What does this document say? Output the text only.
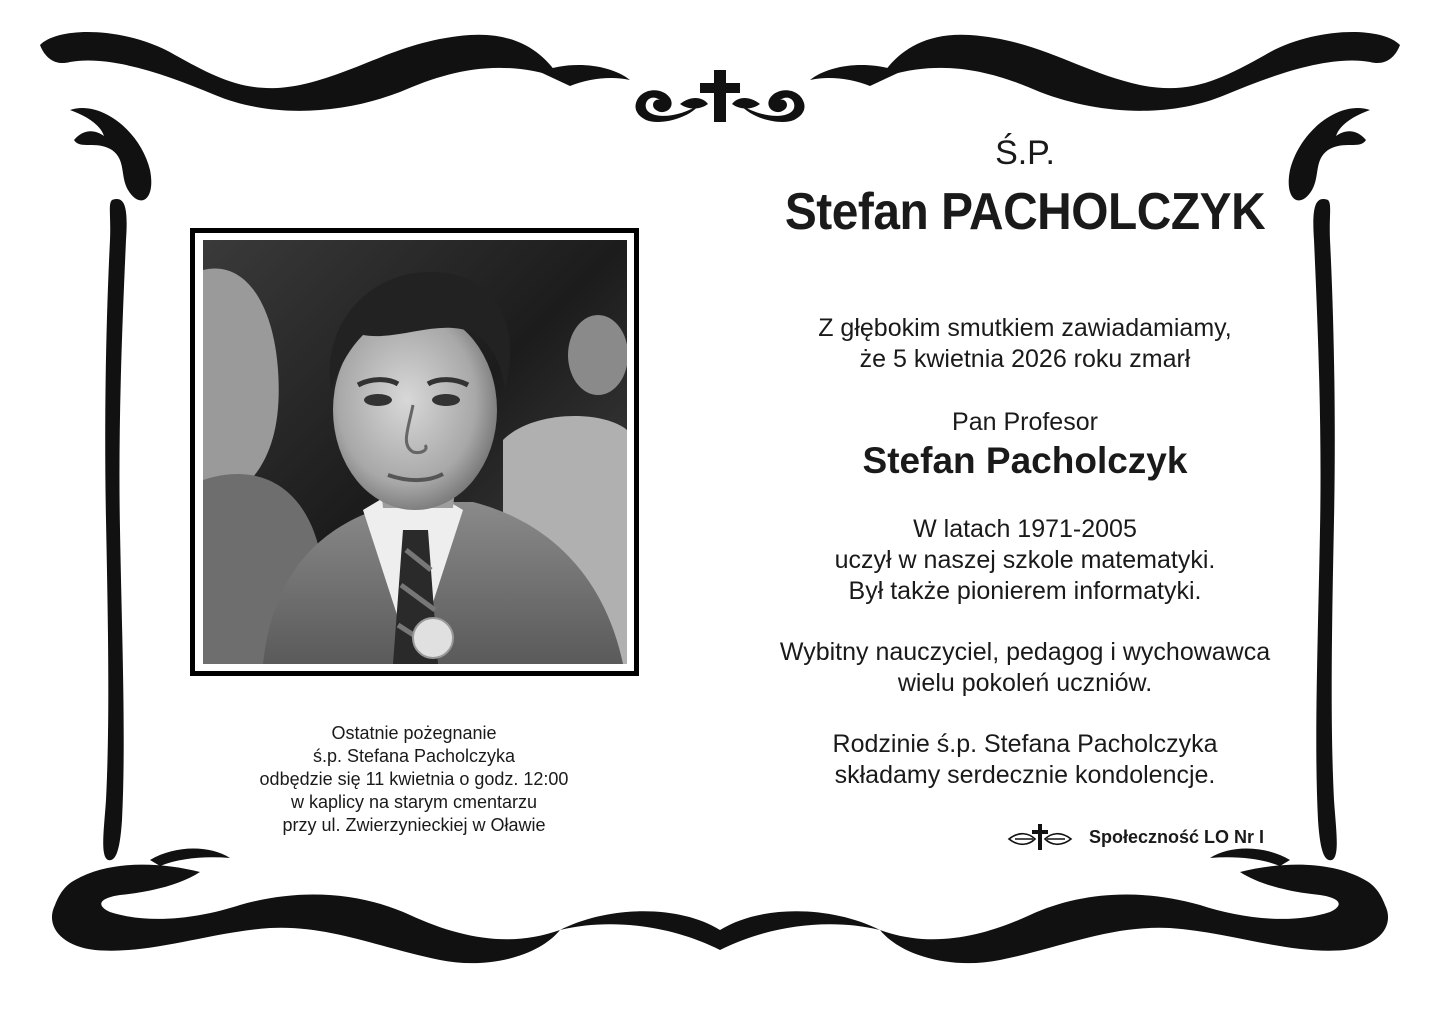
Ś.P.
Stefan PACHOLCZYK
Z głębokim smutkiem zawiadamiamy,
że 5 kwietnia 2026 roku zmarł
Pan Profesor
Stefan Pacholczyk
W latach 1971-2005
uczył w naszej szkole matematyki.
Był także pionierem informatyki.
Wybitny nauczyciel, pedagog i wychowawca
wielu pokoleń uczniów.
Rodzinie ś.p. Stefana Pacholczyka
składamy serdecznie kondolencje.
Społeczność LO Nr I
Ostatnie pożegnanie
ś.p. Stefana Pacholczyka
odbędzie się 11 kwietnia o godz. 12:00
w kaplicy na starym cmentarzu
przy ul. Zwierzynieckiej w Oławie
